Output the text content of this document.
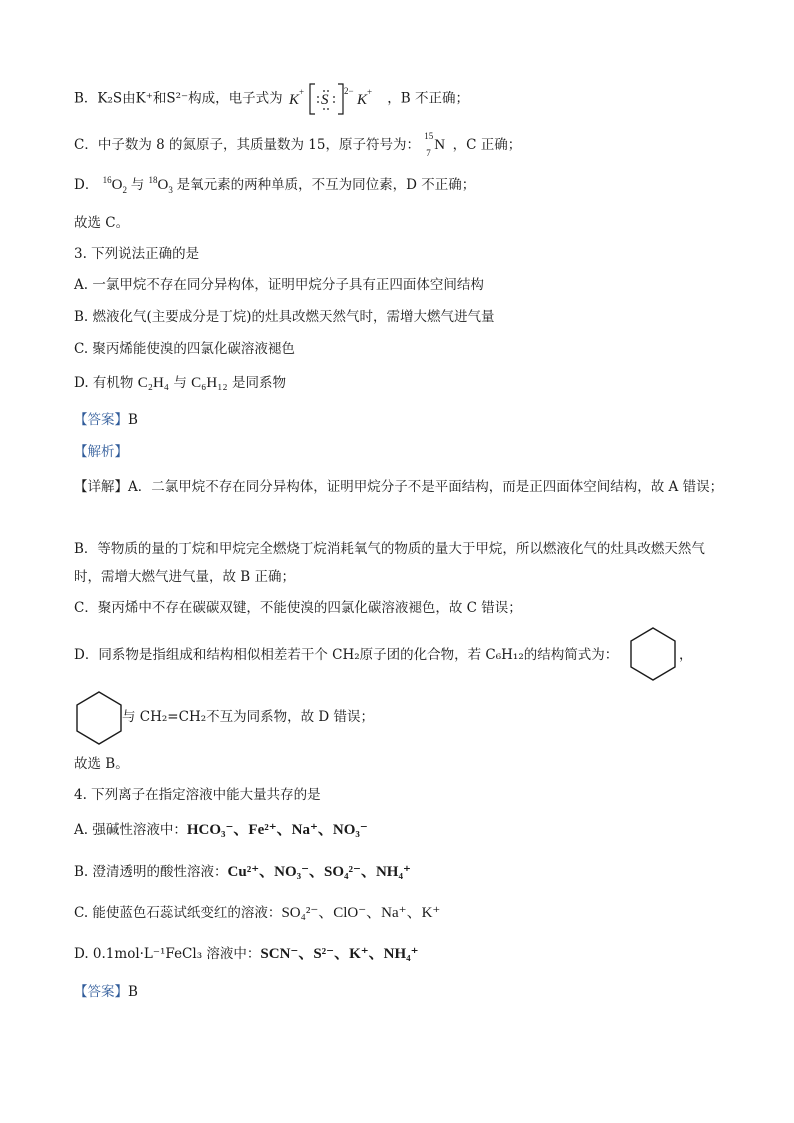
B．K₂S由K⁺和S²⁻构成，电子式为 K + S
2−
K + ，B 不正确；
C．中子数为 8 的氮原子，其质量数为 15，原子符号为：
15
7 N ，C 正确；
D． $^{16}O_2$ 与 $^{18}O_3$ 是氧元素的两种单质，不互为同位素，D 不正确；
故选 C。
3. 下列说法正确的是
A. 一氯甲烷不存在同分异构体，证明甲烷分子具有正四面体空间结构
B. 燃液化气(主要成分是丁烷)的灶具改燃天然气时，需增大燃气进气量
C. 聚丙烯能使溴的四氯化碳溶液褪色
D. 有机物 C₂H₄ 与 C₆H₁₂ 是同系物
【答案】B
【解析】
【详解】A．二氯甲烷不存在同分异构体，证明甲烷分子不是平面结构，而是正四面体空间结构，故 A 错误；
B．等物质的量的丁烷和甲烷完全燃烧丁烷消耗氧气的物质的量大于甲烷，所以燃液化气的灶具改燃天然气时，需增大燃气进气量，故 B 正确；
C．聚丙烯中不存在碳碳双键，不能使溴的四氯化碳溶液褪色，故 C 错误；
D．同系物是指组成和结构相似相差若干个 CH₂原子团的化合物，若 C₆H₁₂的结构简式为：	，
与 CH₂=CH₂不互为同系物，故 D 错误；
故选 B。
4. 下列离子在指定溶液中能大量共存的是
A. 强碱性溶液中：HCO₃⁻、Fe²⁺、Na⁺、NO₃⁻
B. 澄清透明的酸性溶液：Cu²⁺、NO₃⁻、SO₄²⁻、NH₄⁺
C. 能使蓝色石蕊试纸变红的溶液：SO₄²⁻、ClO⁻、Na⁺、K⁺
D. 0.1mol·L⁻¹FeCl₃ 溶液中：SCN⁻、S²⁻、K⁺、NH₄⁺
【答案】B
